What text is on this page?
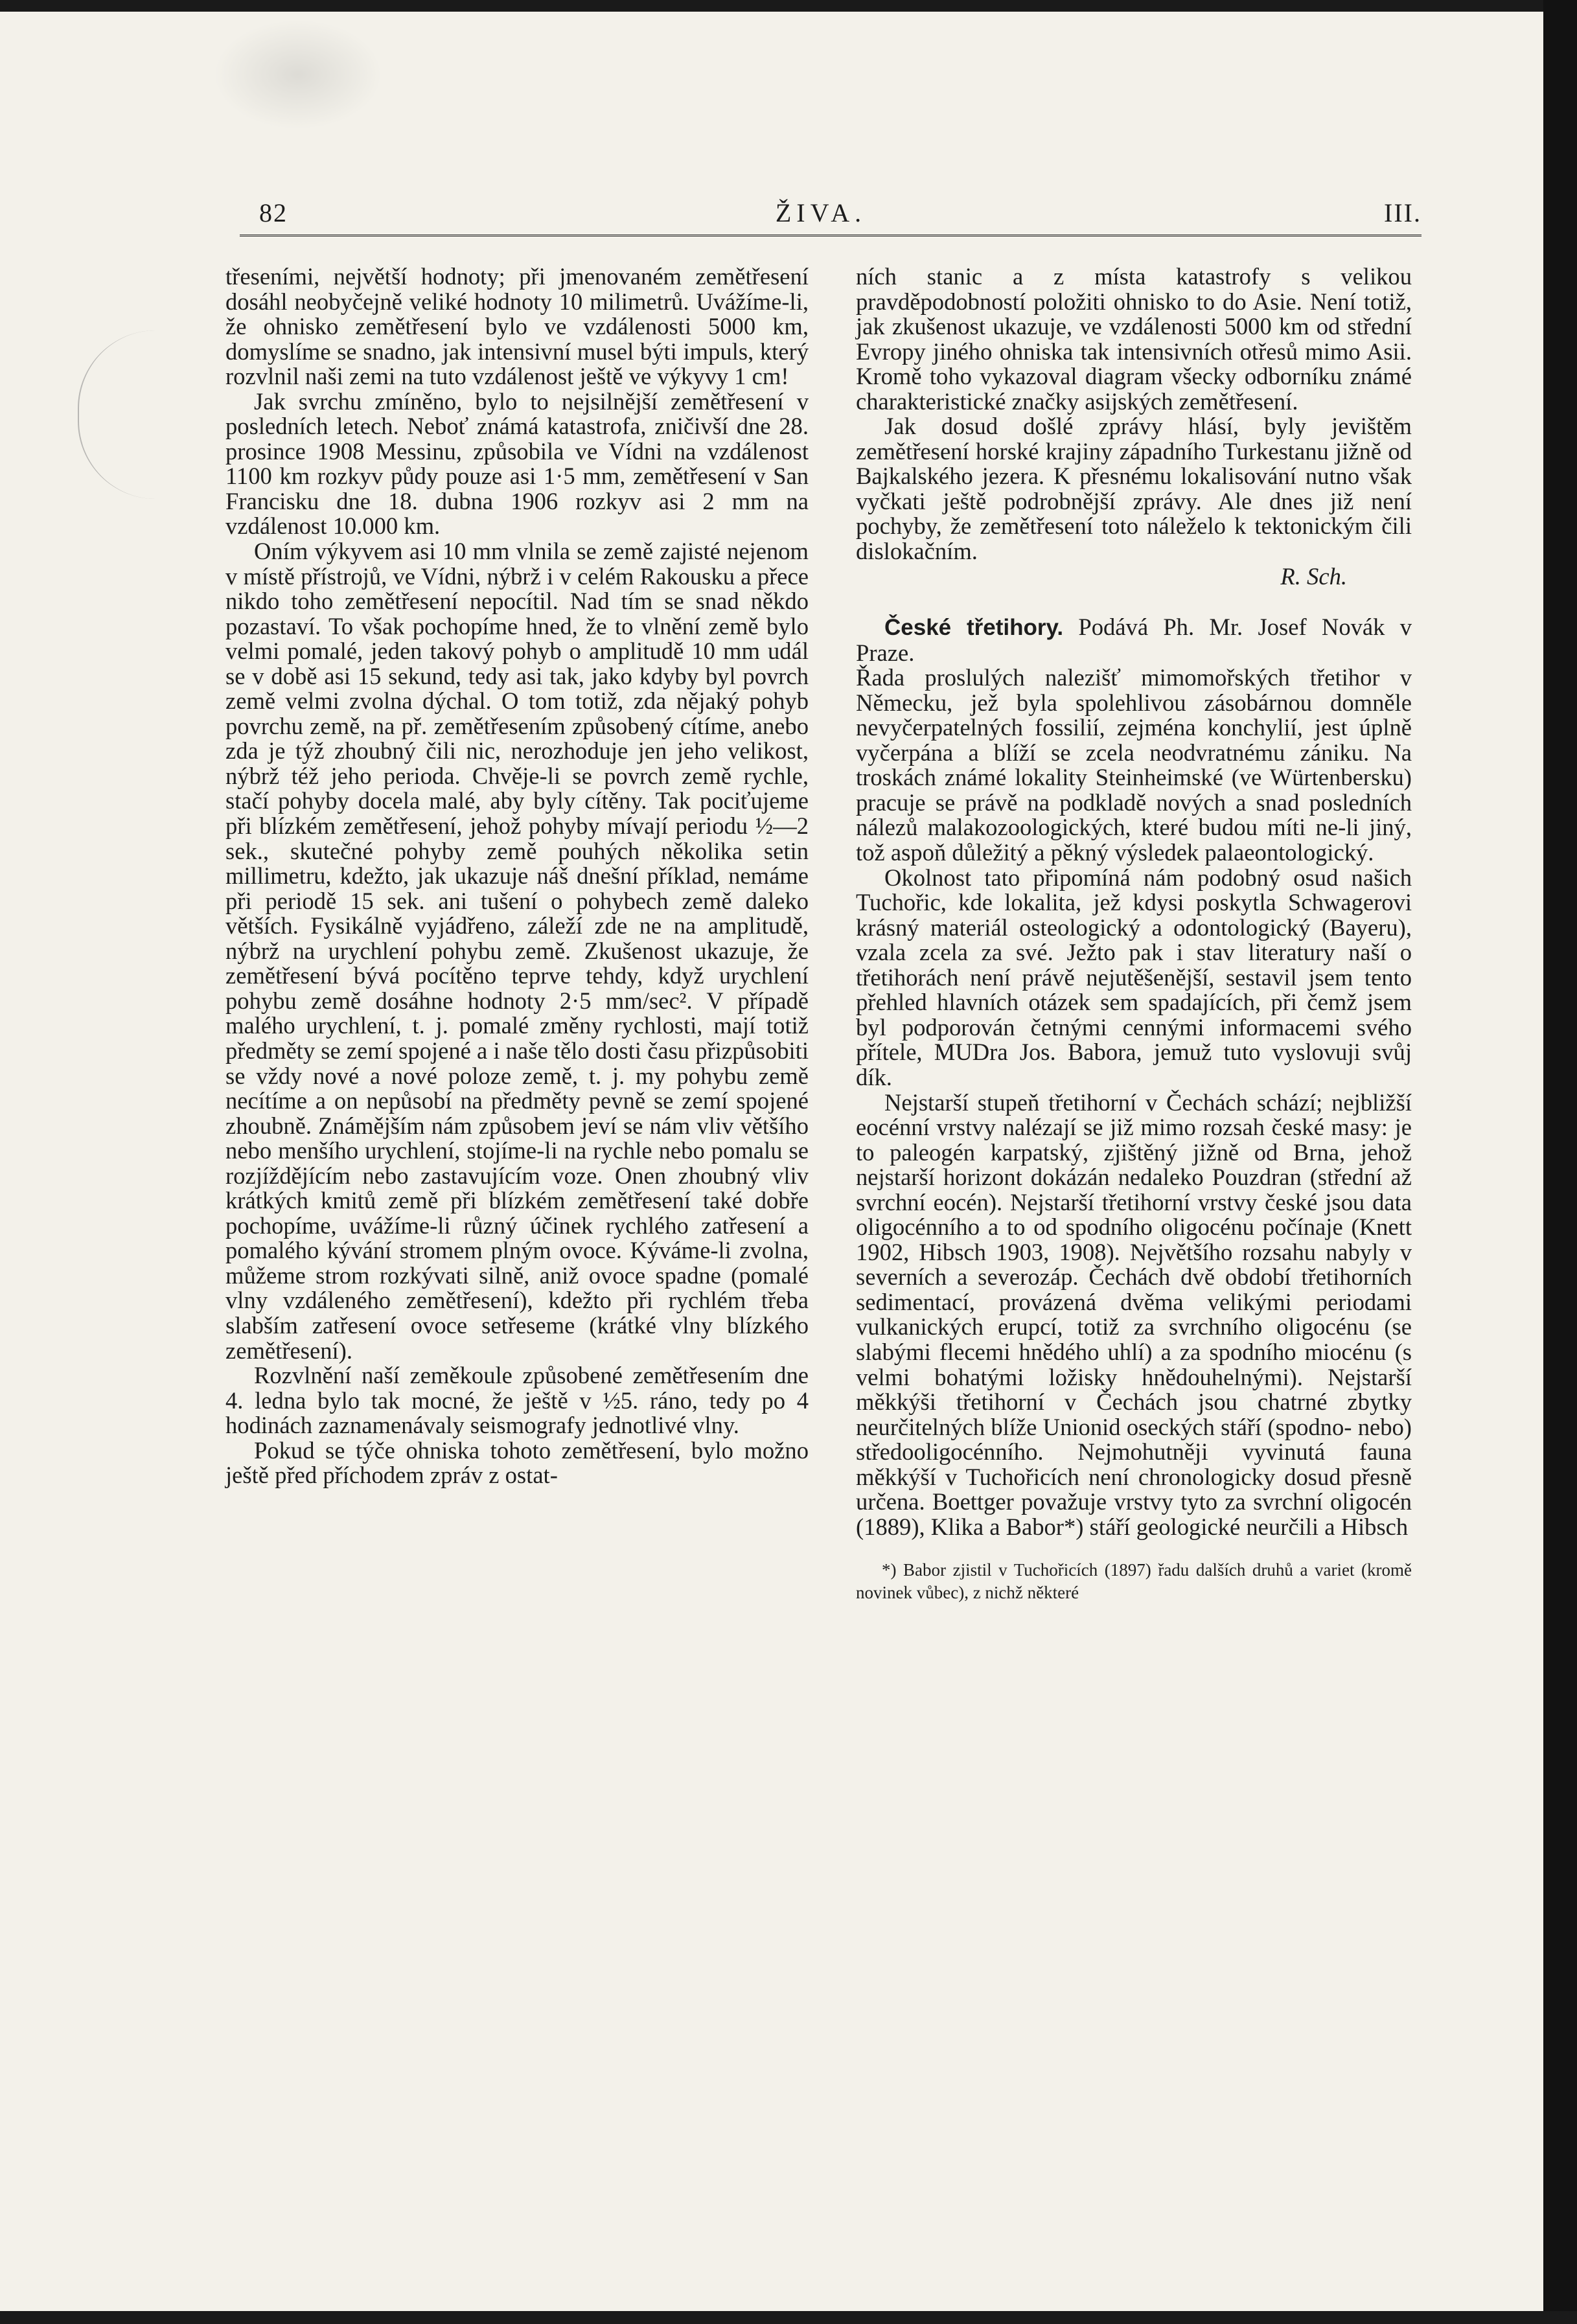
82	ŽIVA.	III.

třeseními, největší hodnoty; při jmenovaném zemětřesení dosáhl neobyčejně veliké hodnoty 10 milimetrů. Uvážíme-li, že ohnisko zemětřesení bylo ve vzdálenosti 5000 km, domyslíme se snadno, jak intensivní musel býti impuls, který rozvlnil naši zemi na tuto vzdálenost ještě ve výkyvy 1 cm!

Jak svrchu zmíněno, bylo to nejsilnější zemětřesení v posledních letech. Neboť známá katastrofa, zničivší dne 28. prosince 1908 Messinu, způsobila ve Vídni na vzdálenost 1100 km rozkyv půdy pouze asi 1·5 mm, zemětřesení v San Francisku dne 18. dubna 1906 rozkyv asi 2 mm na vzdálenost 10.000 km.

Oním výkyvem asi 10 mm vlnila se země zajisté nejenom v místě přístrojů, ve Vídni, nýbrž i v celém Rakousku a přece nikdo toho zemětřesení nepocítil. Nad tím se snad někdo pozastaví. To však pochopíme hned, že to vlnění země bylo velmi pomalé, jeden takový pohyb o amplitudě 10 mm udál se v době asi 15 sekund, tedy asi tak, jako kdyby byl povrch země velmi zvolna dýchal. O tom totiž, zda nějaký pohyb povrchu země, na př. zemětřesením způsobený cítíme, anebo zda je týž zhoubný čili nic, nerozhoduje jen jeho velikost, nýbrž též jeho perioda. Chvěje-li se povrch země rychle, stačí pohyby docela malé, aby byly cítěny. Tak pociťujeme při blízkém zemětřesení, jehož pohyby mívají periodu ½—2 sek., skutečné pohyby země pouhých několika setin millimetru, kdežto, jak ukazuje náš dnešní příklad, nemáme při periodě 15 sek. ani tušení o pohybech země daleko větších. Fysikálně vyjádřeno, záleží zde ne na amplitudě, nýbrž na urychlení pohybu země. Zkušenost ukazuje, že zemětřesení bývá pocítěno teprve tehdy, když urychlení pohybu země dosáhne hodnoty 2·5 mm/sec². V případě malého urychlení, t. j. pomalé změny rychlosti, mají totiž předměty se zemí spojené a i naše tělo dosti času přizpůsobiti se vždy nové a nové poloze země, t. j. my pohybu země necítíme a on nepůsobí na předměty pevně se zemí spojené zhoubně. Známějším nám způsobem jeví se nám vliv většího nebo menšího urychlení, stojíme-li na rychle nebo pomalu se rozjíždějícím nebo zastavujícím voze. Onen zhoubný vliv krátkých kmitů země při blízkém zemětřesení také dobře pochopíme, uvážíme-li různý účinek rychlého zatřesení a pomalého kývání stromem plným ovoce. Kýváme-li zvolna, můžeme strom rozkývati silně, aniž ovoce spadne (pomalé vlny vzdáleného zemětřesení), kdežto při rychlém třeba slabším zatřesení ovoce setřeseme (krátké vlny blízkého zemětřesení).

Rozvlnění naší zeměkoule způsobené zemětřesením dne 4. ledna bylo tak mocné, že ještě v ½5. ráno, tedy po 4 hodinách zaznamenávaly seismografy jednotlivé vlny.

Pokud se týče ohniska tohoto zemětřesení, bylo možno ještě před příchodem zpráv z ostat-

ních stanic a z místa katastrofy s velikou pravděpodobností položiti ohnisko to do Asie. Není totiž, jak zkušenost ukazuje, ve vzdálenosti 5000 km od střední Evropy jiného ohniska tak intensivních otřesů mimo Asii. Kromě toho vykazoval diagram všecky odborníku známé charakteristické značky asijských zemětřesení.

Jak dosud došlé zprávy hlásí, byly jevištěm zemětřesení horské krajiny západního Turkestanu jižně od Bajkalského jezera. K přesnému lokalisování nutno však vyčkati ještě podrobnější zprávy. Ale dnes již není pochyby, že zemětřesení toto náleželo k tektonickým čili dislokačním.

R. Sch.

České třetihory. Podává Ph. Mr. Josef Novák v Praze.

Řada proslulých nalezišť mimomořských třetihor v Německu, jež byla spolehlivou zásobárnou domněle nevyčerpatelných fossilií, zejména konchylií, jest úplně vyčerpána a blíží se zcela neodvratnému zániku. Na troskách známé lokality Steinheimské (ve Würtenbersku) pracuje se právě na podkladě nových a snad posledních nálezů malakozoologických, které budou míti ne-li jiný, tož aspoň důležitý a pěkný výsledek palaeontologický.

Okolnost tato připomíná nám podobný osud našich Tuchořic, kde lokalita, jež kdysi poskytla Schwagerovi krásný materiál osteologický a odontologický (Bayeru), vzala zcela za své. Ježto pak i stav literatury naší o třetihorách není právě nejutěšenější, sestavil jsem tento přehled hlavních otázek sem spadajících, při čemž jsem byl podporován četnými cennými informacemi svého přítele, MUDra Jos. Babora, jemuž tuto vyslovuji svůj dík.

Nejstarší stupeň třetihorní v Čechách schází; nejbližší eocénní vrstvy nalézají se již mimo rozsah české masy: je to paleogén karpatský, zjištěný jižně od Brna, jehož nejstarší horizont dokázán nedaleko Pouzdran (střední až svrchní eocén). Nejstarší třetihorní vrstvy české jsou data oligocénního a to od spodního oligocénu počínaje (Knett 1902, Hibsch 1903, 1908). Největšího rozsahu nabyly v severních a severozáp. Čechách dvě období třetihorních sedimentací, provázená dvěma velikými periodami vulkanických erupcí, totiž za svrchního oligocénu (se slabými flecemi hnědého uhlí) a za spodního miocénu (s velmi bohatými ložisky hnědouhelnými). Nejstarší měkkýši třetihorní v Čechách jsou chatrné zbytky neurčitelných blíže Unionid oseckých stáří (spodno- nebo) středooligocénního. Nejmohutněji vyvinutá fauna měkkýší v Tuchořicích není chronologicky dosud přesně určena. Boettger považuje vrstvy tyto za svrchní oligocén (1889), Klika a Babor*) stáří geologické neurčili a Hibsch

*) Babor zjistil v Tuchořicích (1897) řadu dalších druhů a variet (kromě novinek vůbec), z nichž některé
